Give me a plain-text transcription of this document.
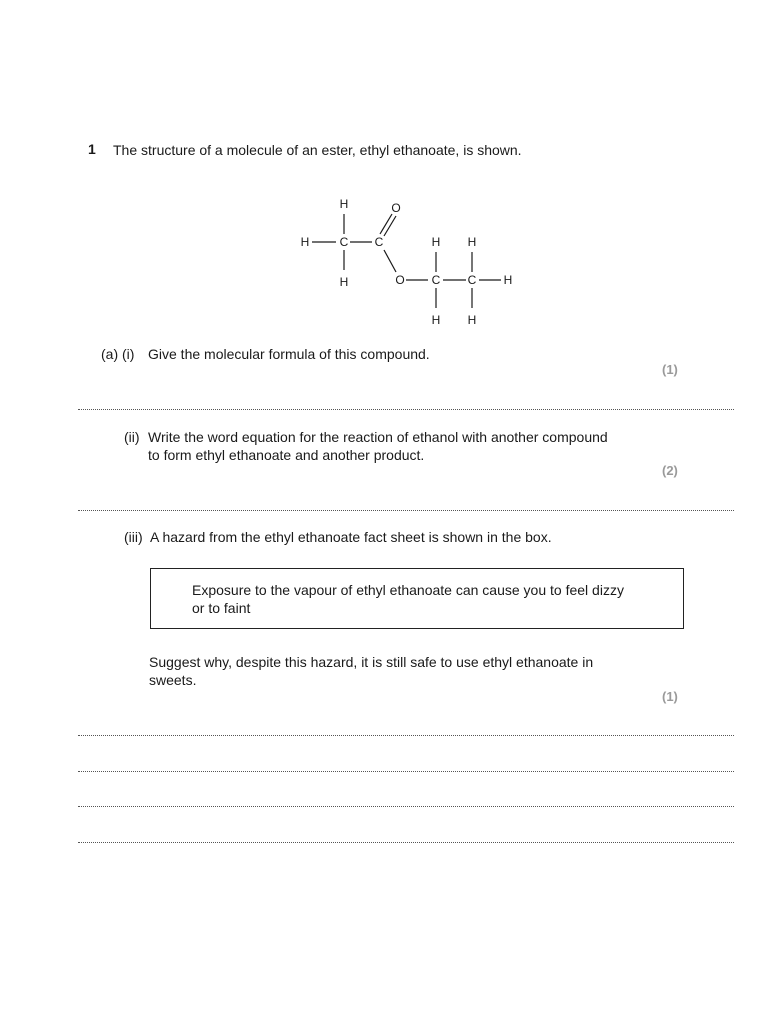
1 The structure of a molecule of an ester, ethyl ethanoate, is shown.
H
H	C
H
O
C
O C C
H H
H H
H
(a) (i) Give the molecular formula of this compound.
(1)
(ii) Write the word equation for the reaction of ethanol with another compound
to form ethyl ethanoate and another product.
(2)
(iii) A hazard from the ethyl ethanoate fact sheet is shown in the box.
Exposure to the vapour of ethyl ethanoate can cause you to feel dizzy
or to faint
Suggest why, despite this hazard, it is still safe to use ethyl ethanoate in
sweets.
(1)
